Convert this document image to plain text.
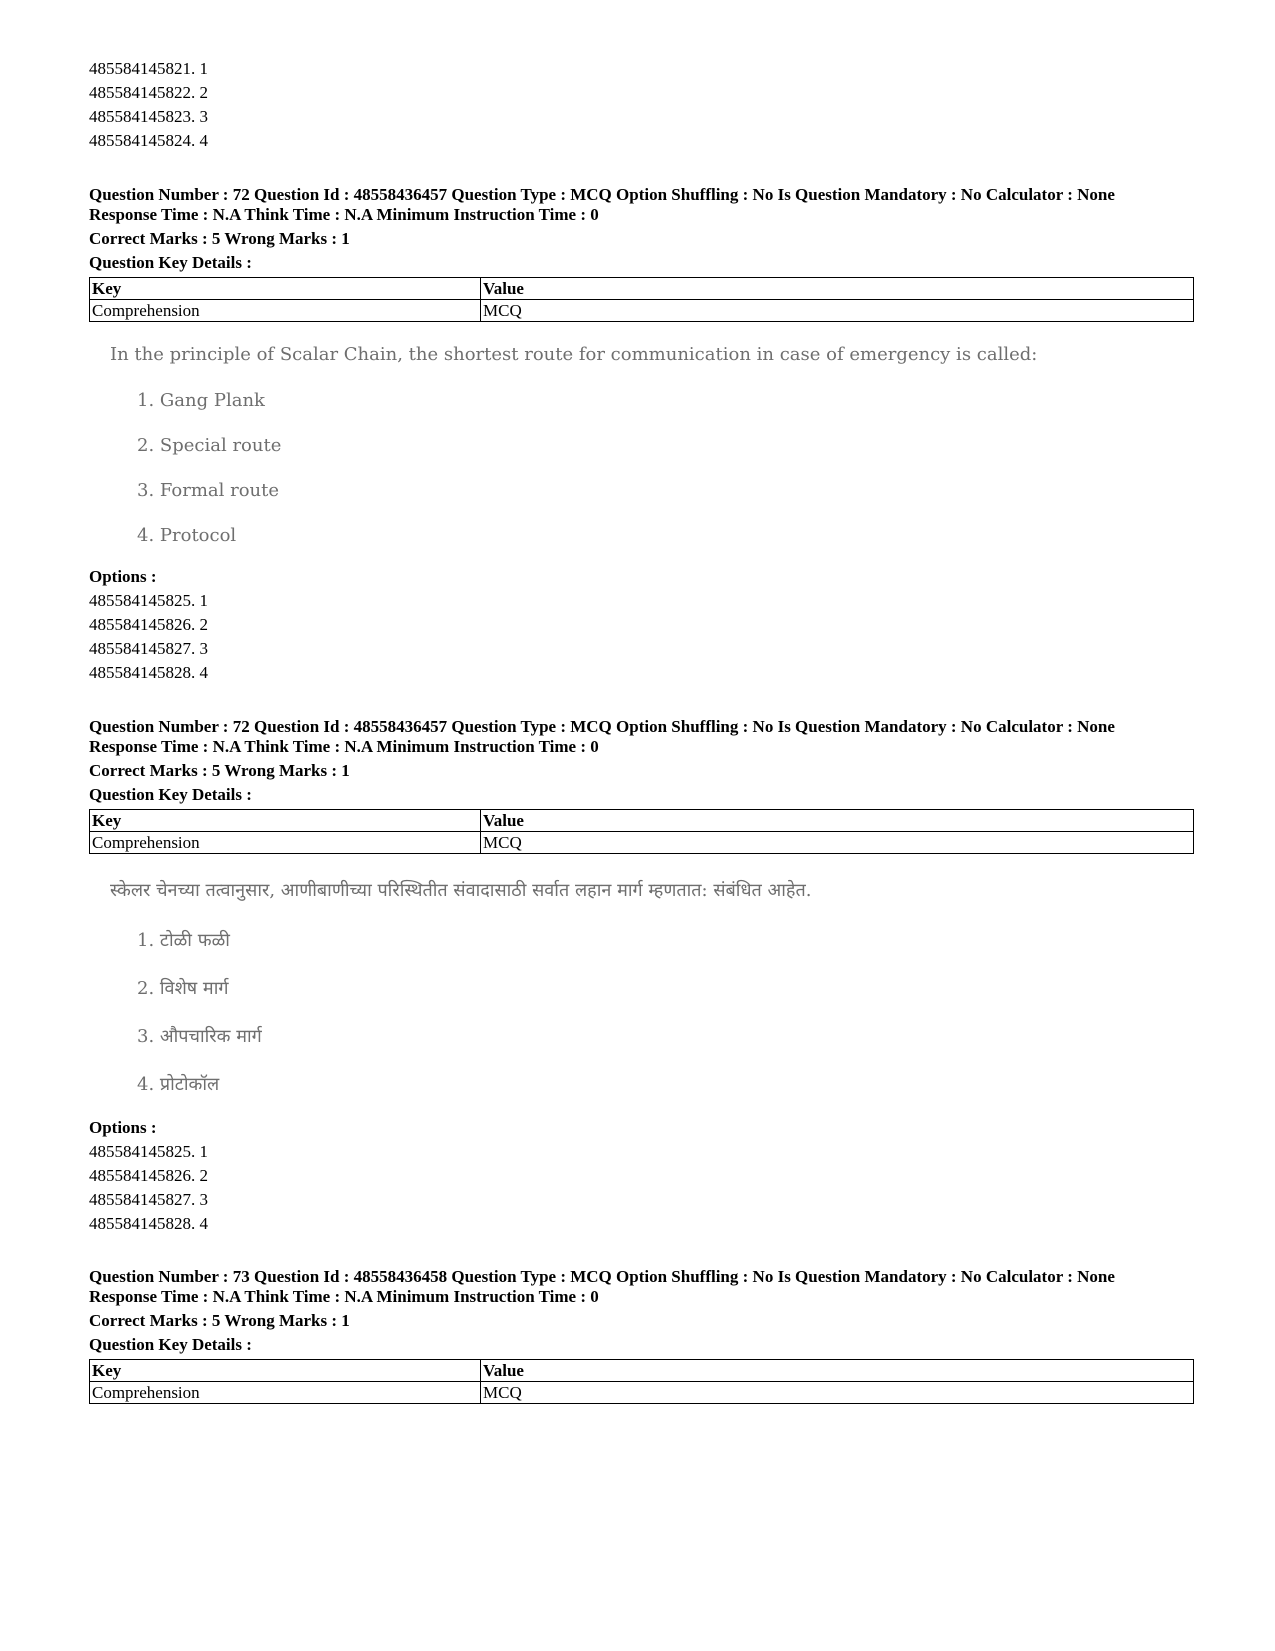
485584145821. 1
485584145822. 2
485584145823. 3
485584145824. 4
Question Number : 72 Question Id : 48558436457 Question Type : MCQ Option Shuffling : No Is Question Mandatory : No Calculator : None
Response Time : N.A Think Time : N.A Minimum Instruction Time : 0
Correct Marks : 5 Wrong Marks : 1
Question Key Details :
Key	Value
Comprehension	MCQ
In the principle of Scalar Chain, the shortest route for communication in case of emergency is called:
1. Gang Plank
2. Special route
3. Formal route
4. Protocol
Options :
485584145825. 1
485584145826. 2
485584145827. 3
485584145828. 4
Question Number : 72 Question Id : 48558436457 Question Type : MCQ Option Shuffling : No Is Question Mandatory : No Calculator : None
Response Time : N.A Think Time : N.A Minimum Instruction Time : 0
Correct Marks : 5 Wrong Marks : 1
Question Key Details :
Key	Value
Comprehension	MCQ
स्केलर चेनच्या तत्वानुसार, आणीबाणीच्या परिस्थितीत संवादासाठी सर्वात लहान मार्ग म्हणतात: संबंधित आहेत.
1. टोळी फळी
2. विशेष मार्ग
3. औपचारिक मार्ग
4. प्रोटोकॉल
Options :
485584145825. 1
485584145826. 2
485584145827. 3
485584145828. 4
Question Number : 73 Question Id : 48558436458 Question Type : MCQ Option Shuffling : No Is Question Mandatory : No Calculator : None
Response Time : N.A Think Time : N.A Minimum Instruction Time : 0
Correct Marks : 5 Wrong Marks : 1
Question Key Details :
Key	Value
Comprehension	MCQ
